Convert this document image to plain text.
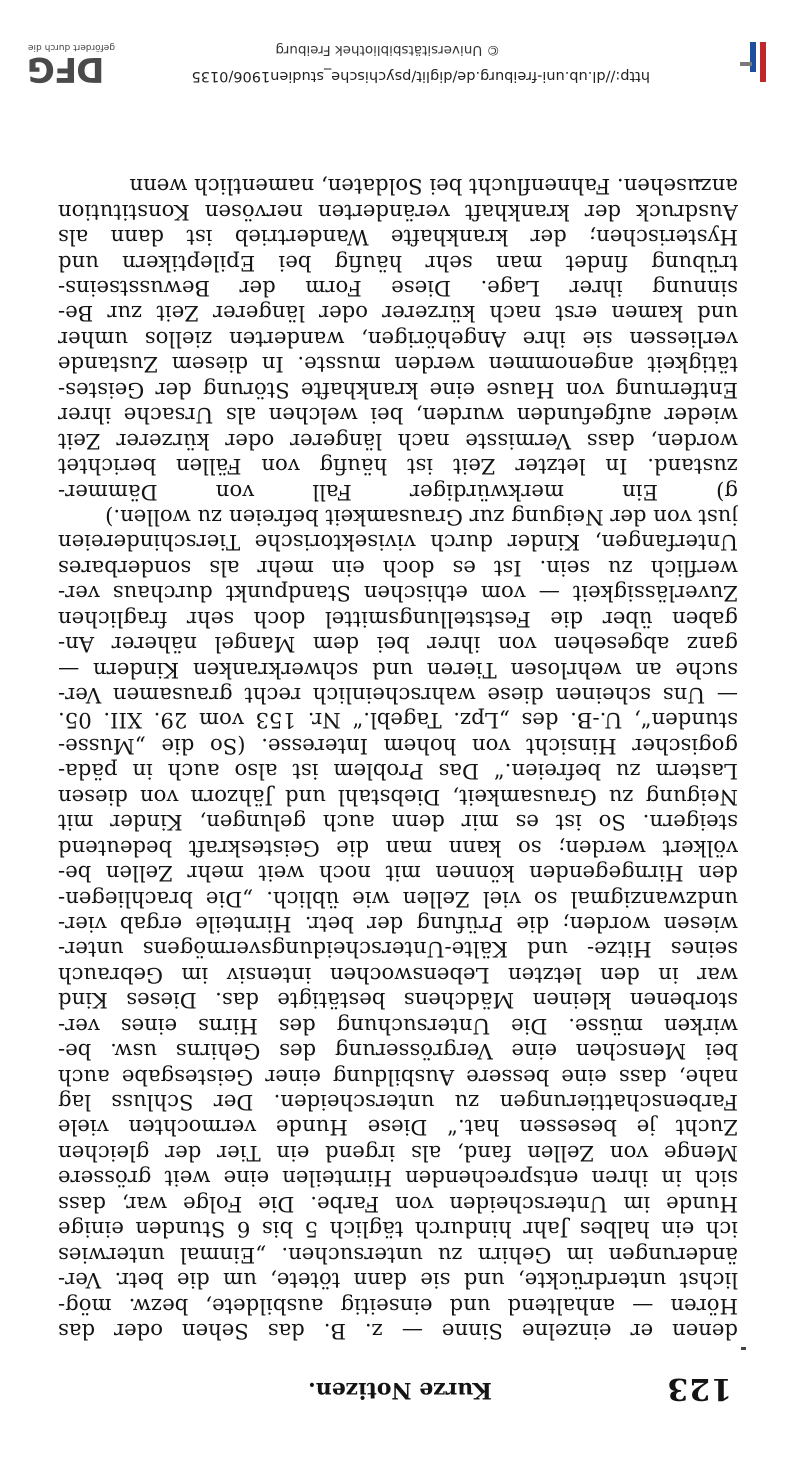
123
Kurze Notizen.
denen er einzelne Sinne — z. B. das Sehen oder das
Hören — anhaltend und einseitig ausbildete, bezw. mög-
lichst unterdrückte, und sie dann tötete, um die betr. Ver-
änderungen im Gehirn zu untersuchen. „Einmal unterwies
ich ein halbes Jahr hindurch täglich 5 bis 6 Stunden einige
Hunde im Unterscheiden von Farbe. Die Folge war, dass
sich in ihren entsprechenden Hirnteilen eine weit grössere
Menge von Zellen fand, als irgend ein Tier der gleichen
Zucht je besessen hat.“ Diese Hunde vermochten viele
Farbenschattierungen zu unterscheiden. Der Schluss lag
nahe, dass eine bessere Ausbildung einer Geistesgabe auch
bei Menschen eine Vergrösserung des Gehirns usw. be-
wirken müsse. Die Untersuchung des Hirns eines ver-
storbenen kleinen Mädchens bestätigte das. Dieses Kind
war in den letzten Lebenswochen intensiv im Gebrauch
seines Hitze- und Kälte-Unterscheidungsvermögens unter-
wiesen worden; die Prüfung der betr. Hirnteile ergab vier-
undzwanzigmal so viel Zellen wie üblich. „Die brachliegen-
den Hirngegenden können mit noch weit mehr Zellen be-
völkert werden; so kann man die Geisteskraft bedeutend
steigern. So ist es mir denn auch gelungen, Kinder mit
Neigung zu Grausamkeit, Diebstahl und Jähzorn von diesen
Lastern zu befreien.“ Das Problem ist also auch in päda-
gogischer Hinsicht von hohem Interesse. (So die „Musse-
stunden“, U.-B. des „Lpz. Tagebl.“ Nr. 153 vom 29. XII. 05.
— Uns scheinen diese wahrscheinlich recht grausamen Ver-
suche an wehrlosen Tieren und schwerkranken Kindern —
ganz abgesehen von ihrer bei dem Mangel näherer An-
gaben über die Feststellungsmittel doch sehr fraglichen
Zuverlässigkeit — vom ethischen Standpunkt durchaus ver-
werflich zu sein. Ist es doch ein mehr als sonderbares
Unterfangen, Kinder durch vivisektorische Tierschindereien
just von der Neigung zur Grausamkeit befreien zu wollen.)
g) Ein merkwürdiger Fall von Dämmer-
zustand. In letzter Zeit ist häufig von Fällen berichtet
worden, dass Vermisste nach längerer oder kürzerer Zeit
wieder aufgefunden wurden, bei welchen als Ursache ihrer
Entfernung von Hause eine krankhafte Störung der Geistes-
tätigkeit angenommen werden musste. In diesem Zustande
verliessen sie ihre Angehörigen, wanderten ziellos umher
und kamen erst nach kürzerer oder längerer Zeit zur Be-
sinnung ihrer Lage. Diese Form der Bewusstseins-
trübung findet man sehr häufig bei Epileptikern und
Hysterischen; der krankhafte Wandertrieb ist dann als
Ausdruck der krankhaft veränderten nervösen Konstitution
anzusehen. Fahnenflucht bei Soldaten, namentlich wenn
http://dl.ub.uni-freiburg.de/diglit/psychische_studien1906/0135
© Universitätsbibliothek Freiburg
DFG
gefördert durch die
